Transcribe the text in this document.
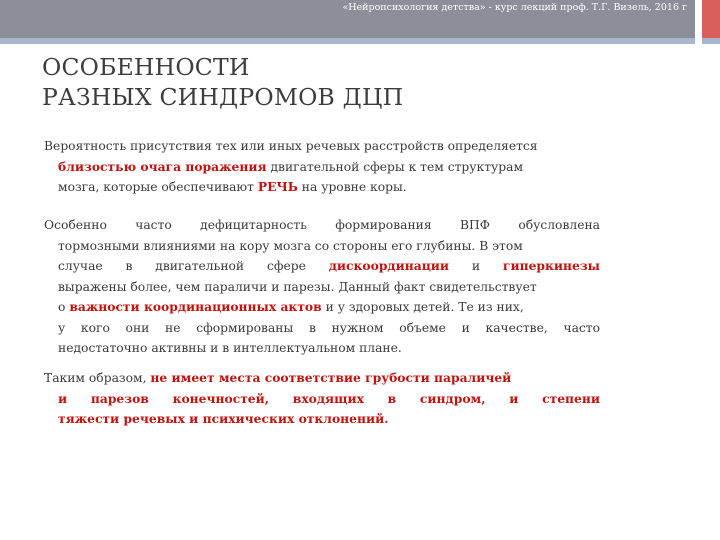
«Нейропсихология детства» - курс лекций проф. Т.Г. Визель, 2016 г
ОСОБЕННОСТИ
РАЗНЫХ СИНДРОМОВ ДЦП
Вероятность присутствия тех или иных речевых расстройств определяется
близостью очага поражения двигательной сферы к тем структурам
мозга, которые обеспечивают РЕЧЬ на уровне коры.
Особенно часто дефицитарность формирования ВПФ обусловлена
тормозными влияниями на кору мозга со стороны его глубины. В этом
случае в двигательной сфере дискоординации и гиперкинезы
выражены более, чем параличи и парезы. Данный факт свидетельствует
о важности координационных актов и у здоровых детей. Те из них,
у кого они не сформированы в нужном объеме и качестве, часто
недостаточно активны и в интеллектуальном плане.
Таким образом, не имеет места соответствие грубости параличей
и парезов конечностей, входящих в синдром, и степени
тяжести речевых и психических отклонений.
